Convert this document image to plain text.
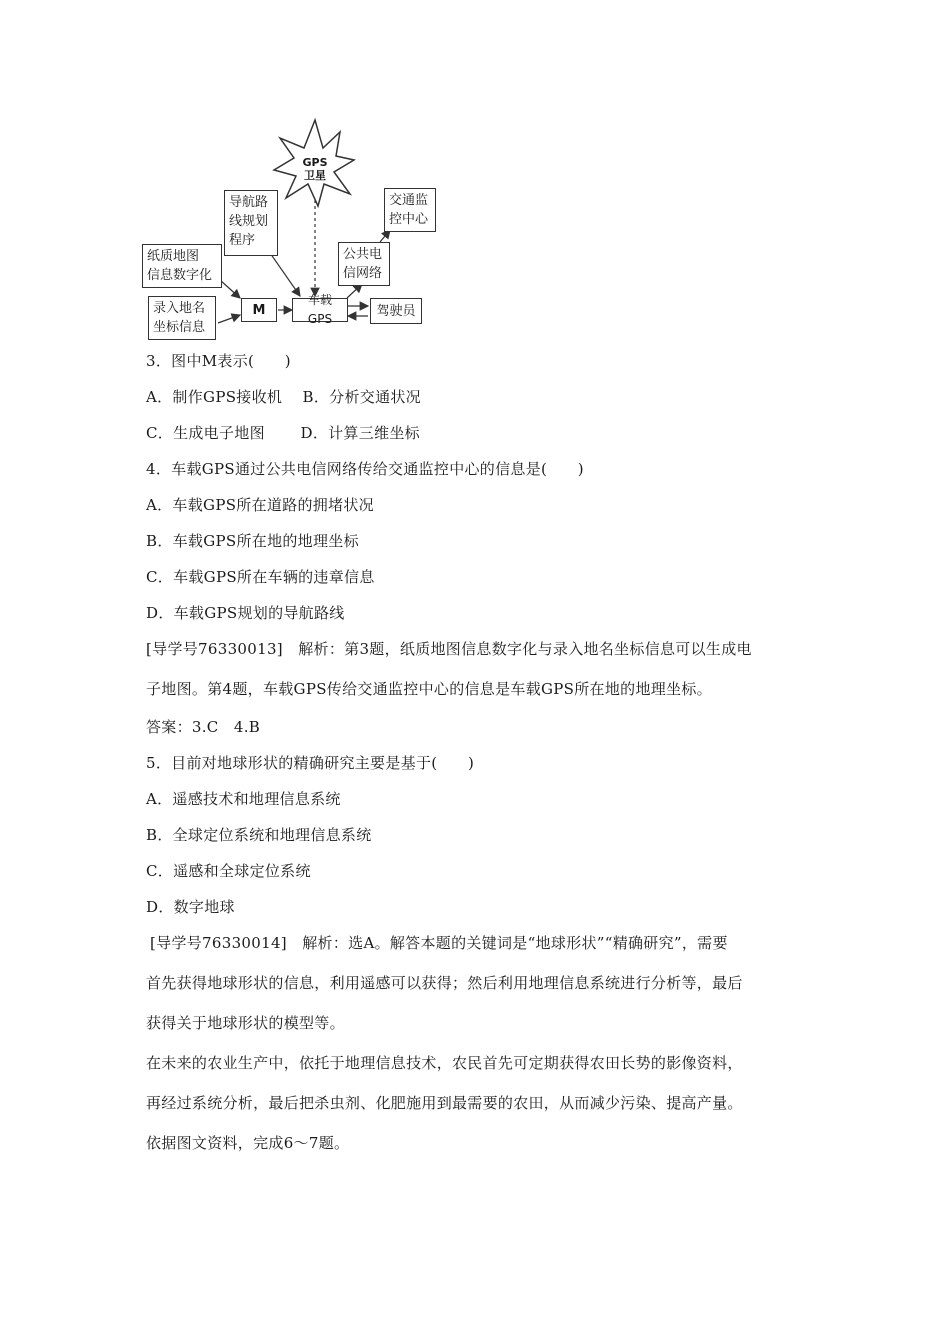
GPS
卫星
导航路
线规划
程序
交通监
控中心
公共电
信网络
纸质地图
信息数字化
录入地名
坐标信息
M
车载GPS
驾驶员
3．图中M表示(　　)
A．制作GPS接收机　 B．分析交通状况
C．生成电子地图　　 D．计算三维坐标
4．车载GPS通过公共电信网络传给交通监控中心的信息是(　　)
A．车载GPS所在道路的拥堵状况
B．车载GPS所在地的地理坐标
C．车载GPS所在车辆的违章信息
D．车载GPS规划的导航路线
[导学号76330013]　解析：第3题，纸质地图信息数字化与录入地名坐标信息可以生成电
子地图。第4题，车载GPS传给交通监控中心的信息是车载GPS所在地的地理坐标。
答案：3.C　4.B
5．目前对地球形状的精确研究主要是基于(　　)
A．遥感技术和地理信息系统
B．全球定位系统和地理信息系统
C．遥感和全球定位系统
D．数字地球
[导学号76330014]　解析：选A。解答本题的关键词是“地球形状”“精确研究”，需要
首先获得地球形状的信息，利用遥感可以获得；然后利用地理信息系统进行分析等，最后
获得关于地球形状的模型等。
在未来的农业生产中，依托于地理信息技术，农民首先可定期获得农田长势的影像资料，
再经过系统分析，最后把杀虫剂、化肥施用到最需要的农田，从而减少污染、提高产量。
依据图文资料，完成6～7题。
